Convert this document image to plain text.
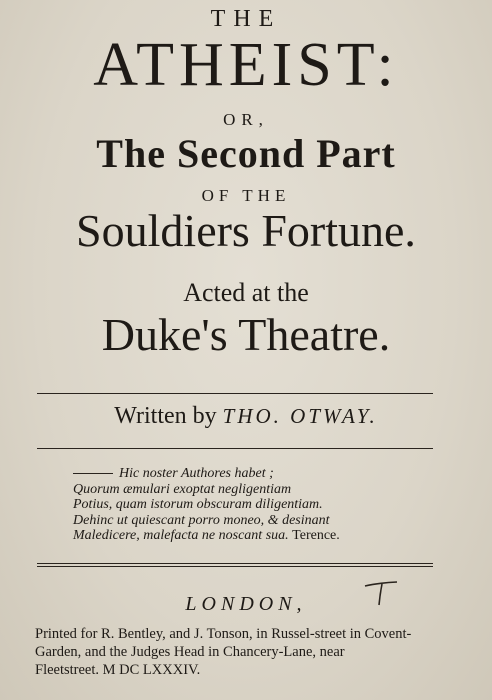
THE
ATHEIST:
OR,
The Second Part
OF THE
Souldiers Fortune.
Acted at the
Duke's Theatre.
Written by THO. OTWAY.
Hic noster Authores habet ;
Quorum æmulari exoptat negligentiam
Potius, quam istorum obscuram diligentiam.
Dehinc ut quiescant porro moneo, & desinant
Maledicere, malefacta ne noscant sua. Terence.
LONDON,
Printed for R. Bentley, and J. Tonson, in Russel-street in Covent-
Garden, and the Judges Head in Chancery-Lane, near
Fleetstreet. M DC LXXXIV.
